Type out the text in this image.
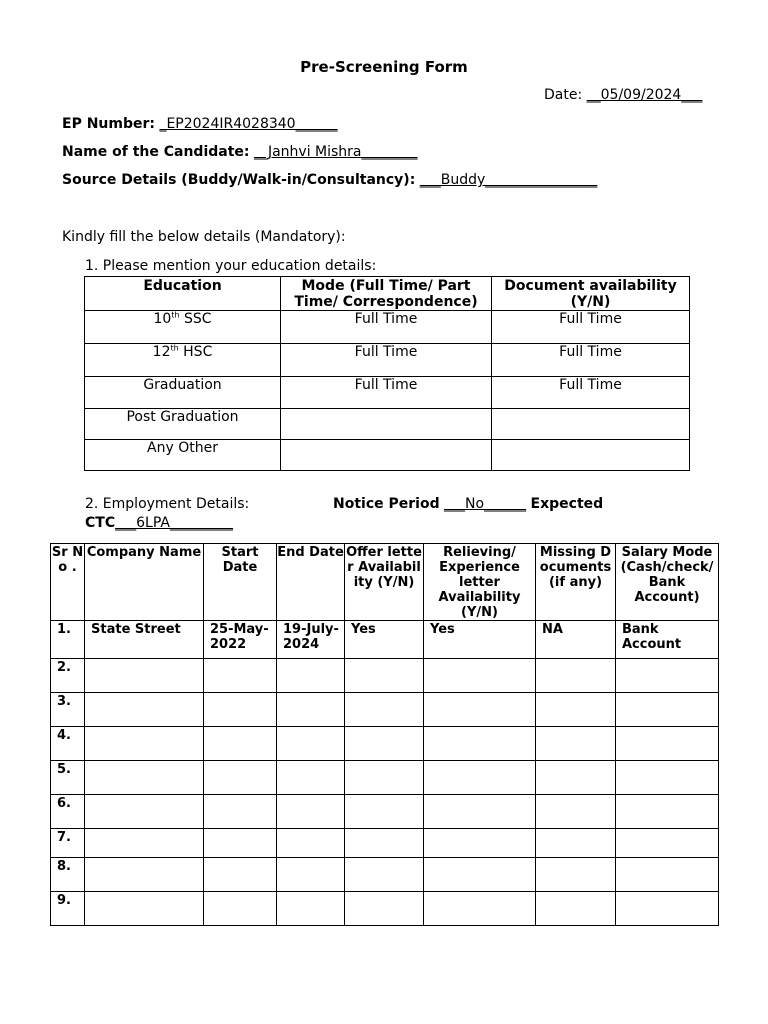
Pre-Screening Form
Date: __05/09/2024___
EP Number: _EP2024IR4028340______
Name of the Candidate: __Janhvi Mishra________
Source Details (Buddy/Walk-in/Consultancy): ___Buddy________________
Kindly fill the below details (Mandatory):
1. Please mention your education details:
Education	Mode (Full Time/ Part Time/ Correspondence)	Document availability (Y/N)
10th SSC	Full Time	Full Time
12th HSC	Full Time	Full Time
Graduation	Full Time	Full Time
Post Graduation		
Any Other		
2. Employment Details:	Notice Period ___No______ Expected
CTC___6LPA_________
Sr No .	Company Name	Start Date	End Date	Offer letter Availability (Y/N)	Relieving/ Experience letter Availability (Y/N)	Missing Documents (if any)	Salary Mode (Cash/check/ Bank Account)
1.	State Street	25-May-2022	19-July-2024	Yes	Yes	NA	Bank Account
2.							
3.							
4.							
5.							
6.							
7.							
8.							
9.							
